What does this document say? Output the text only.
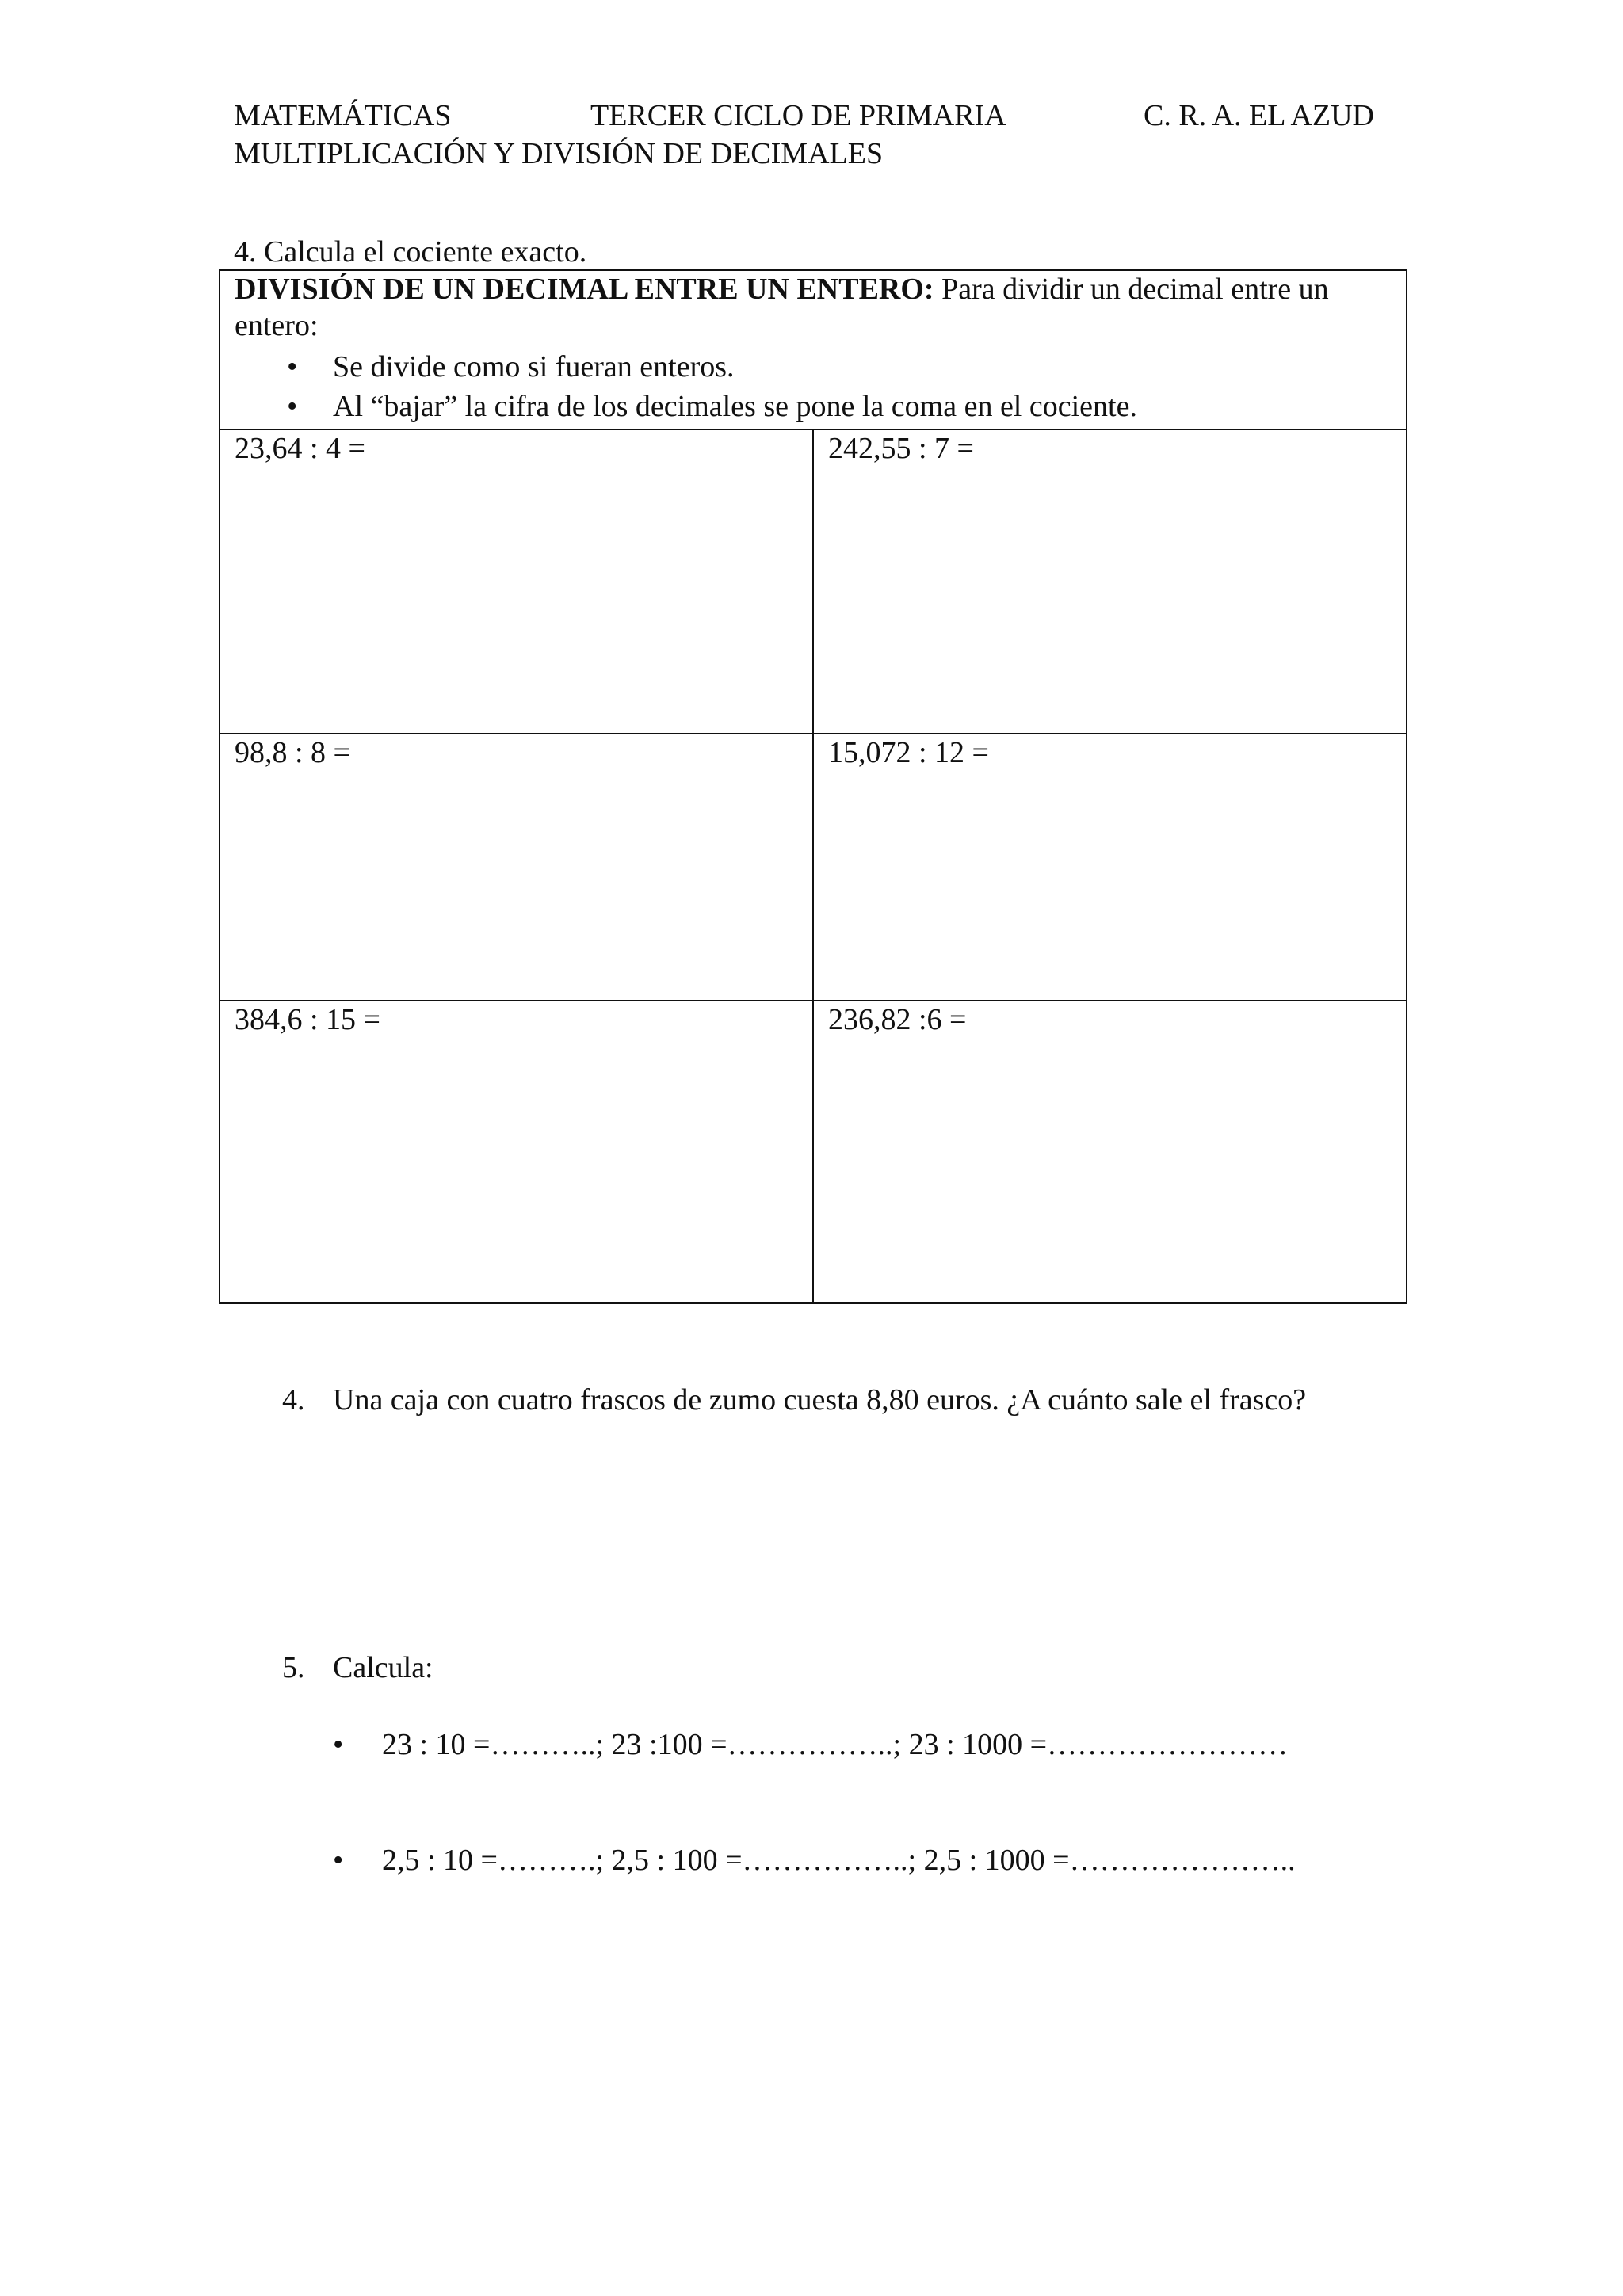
MATEMÁTICAS	TERCER CICLO DE PRIMARIA	C. R. A. EL AZUD
MULTIPLICACIÓN Y DIVISIÓN DE DECIMALES
4. Calcula el cociente exacto.
DIVISIÓN DE UN DECIMAL ENTRE UN ENTERO: Para dividir un decimal entre un entero:
• Se divide como si fueran enteros.
• Al “bajar” la cifra de los decimales se pone la coma en el cociente.
23,64 : 4 =	242,55 : 7 =
98,8 : 8 =	15,072 : 12 =
384,6 : 15 =	236,82 :6 =
4. Una caja con cuatro frascos de zumo cuesta 8,80 euros. ¿A cuánto sale el frasco?
5. Calcula:
• 23 : 10 =………..; 23 :100 =……………..; 23 : 1000 =……………………
• 2,5 : 10 =……….; 2,5 : 100 =……………..; 2,5 : 1000 =…………………..
